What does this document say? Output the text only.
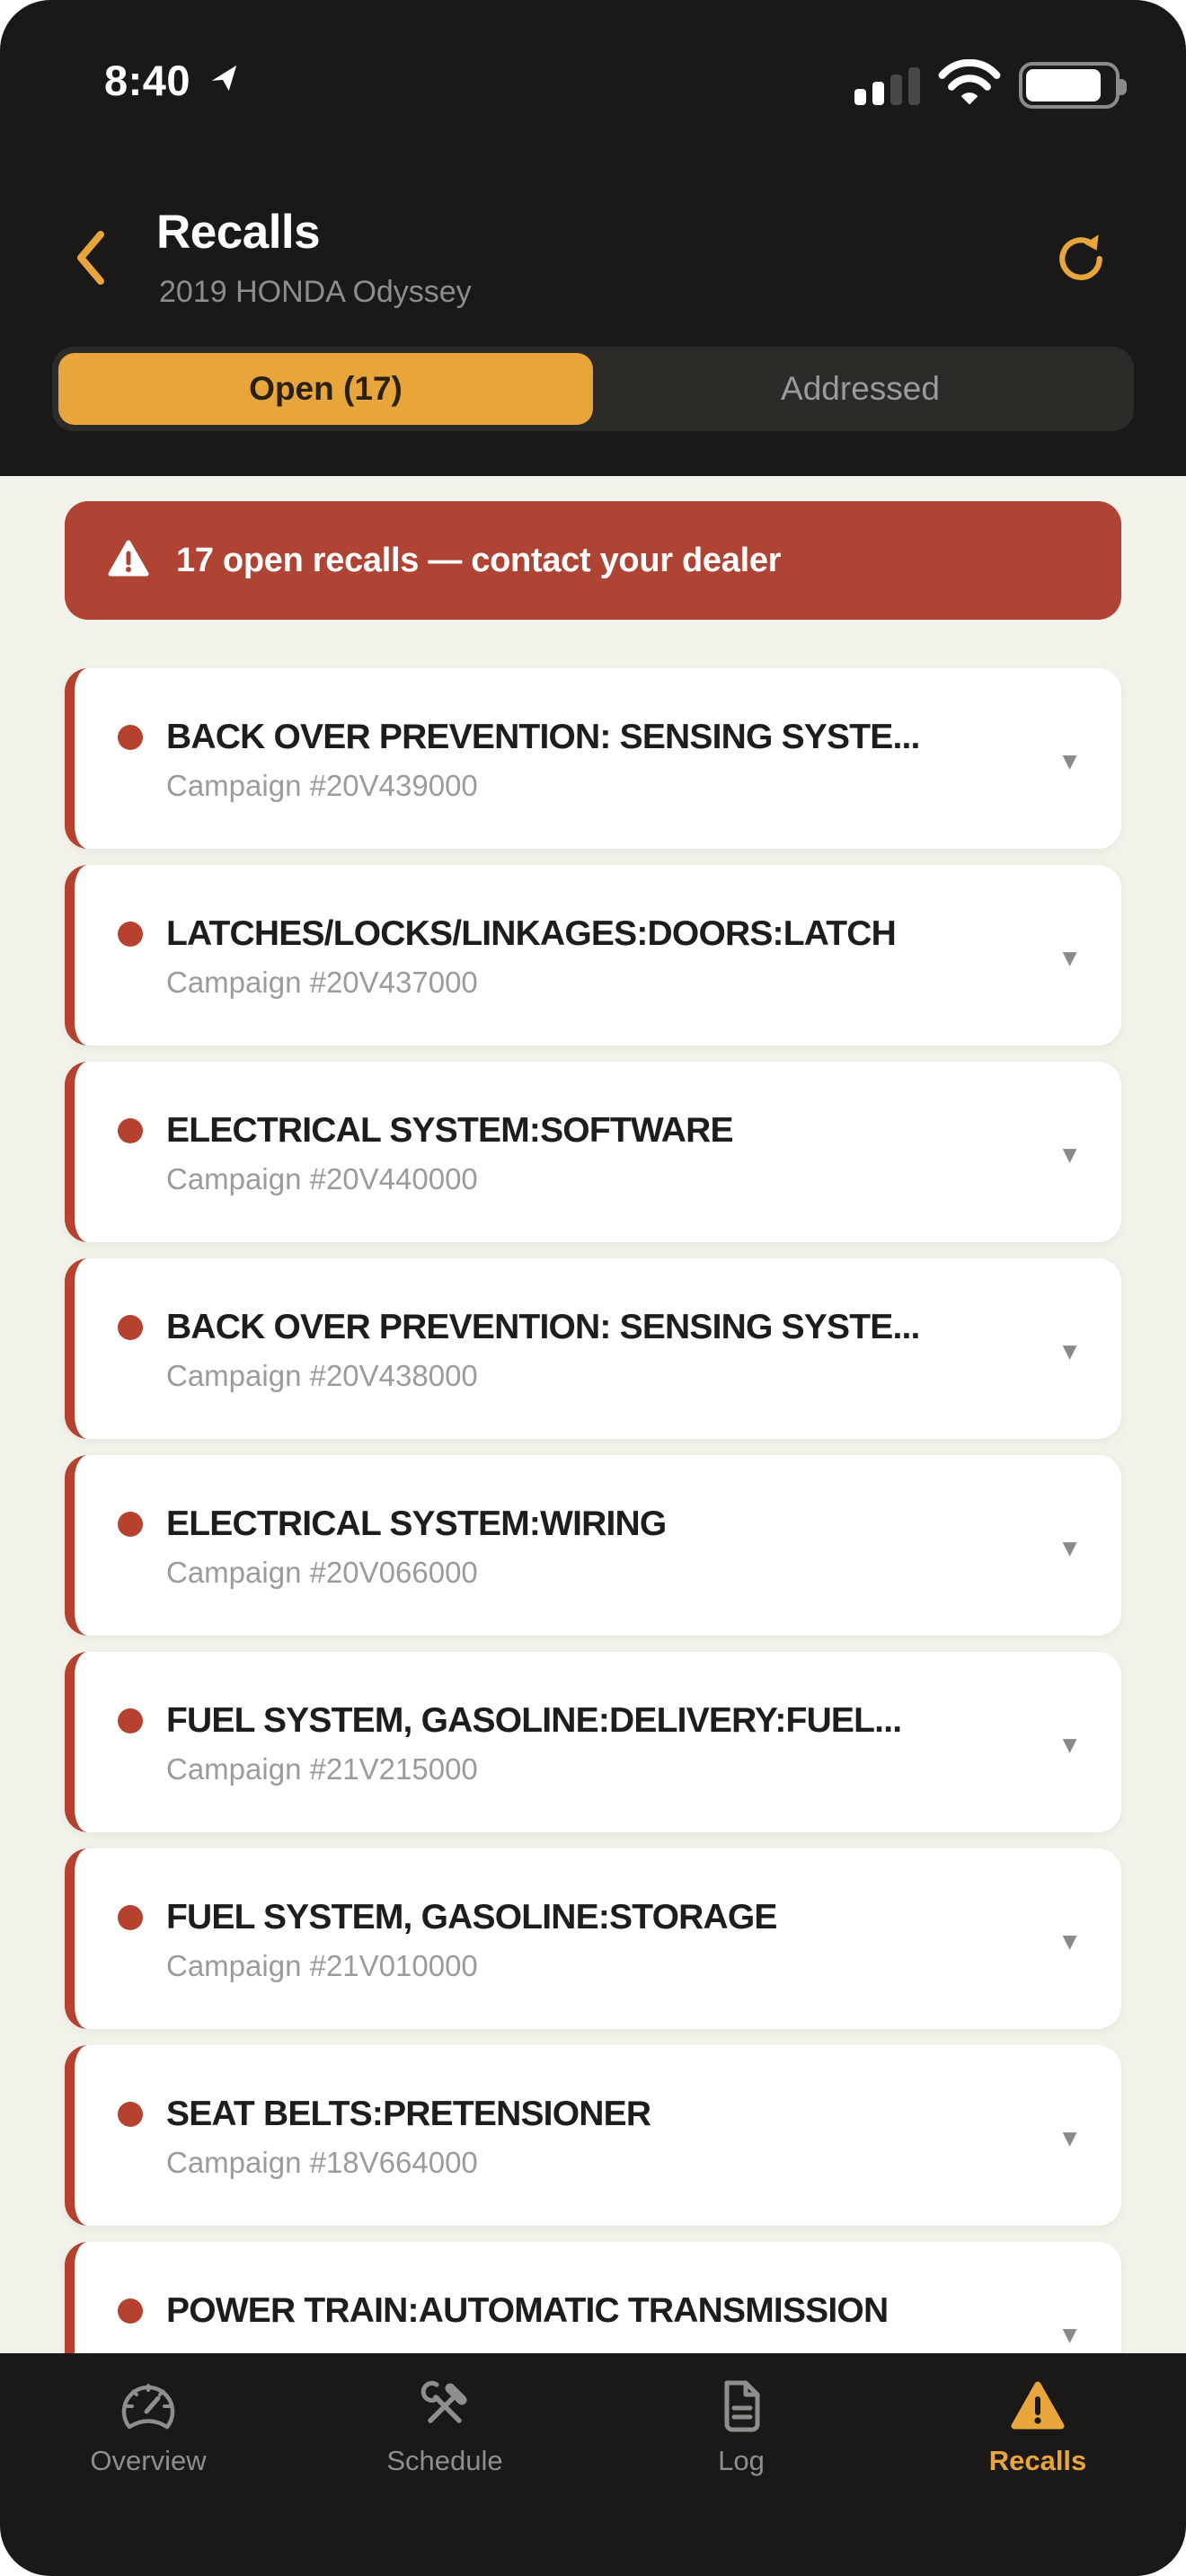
8:40
Recalls
2019 HONDA Odyssey
Open (17)	Addressed
17 open recalls — contact your dealer
BACK OVER PREVENTION: SENSING SYSTE...
Campaign #20V439000
▼
LATCHES/LOCKS/LINKAGES:DOORS:LATCH
Campaign #20V437000
▼
ELECTRICAL SYSTEM:SOFTWARE
Campaign #20V440000
▼
BACK OVER PREVENTION: SENSING SYSTE...
Campaign #20V438000
▼
ELECTRICAL SYSTEM:WIRING
Campaign #20V066000
▼
FUEL SYSTEM, GASOLINE:DELIVERY:FUEL...
Campaign #21V215000
▼
FUEL SYSTEM, GASOLINE:STORAGE
Campaign #21V010000
▼
SEAT BELTS:PRETENSIONER
Campaign #18V664000
▼
POWER TRAIN:AUTOMATIC TRANSMISSION
▼
Overview	Schedule	Log	Recalls
